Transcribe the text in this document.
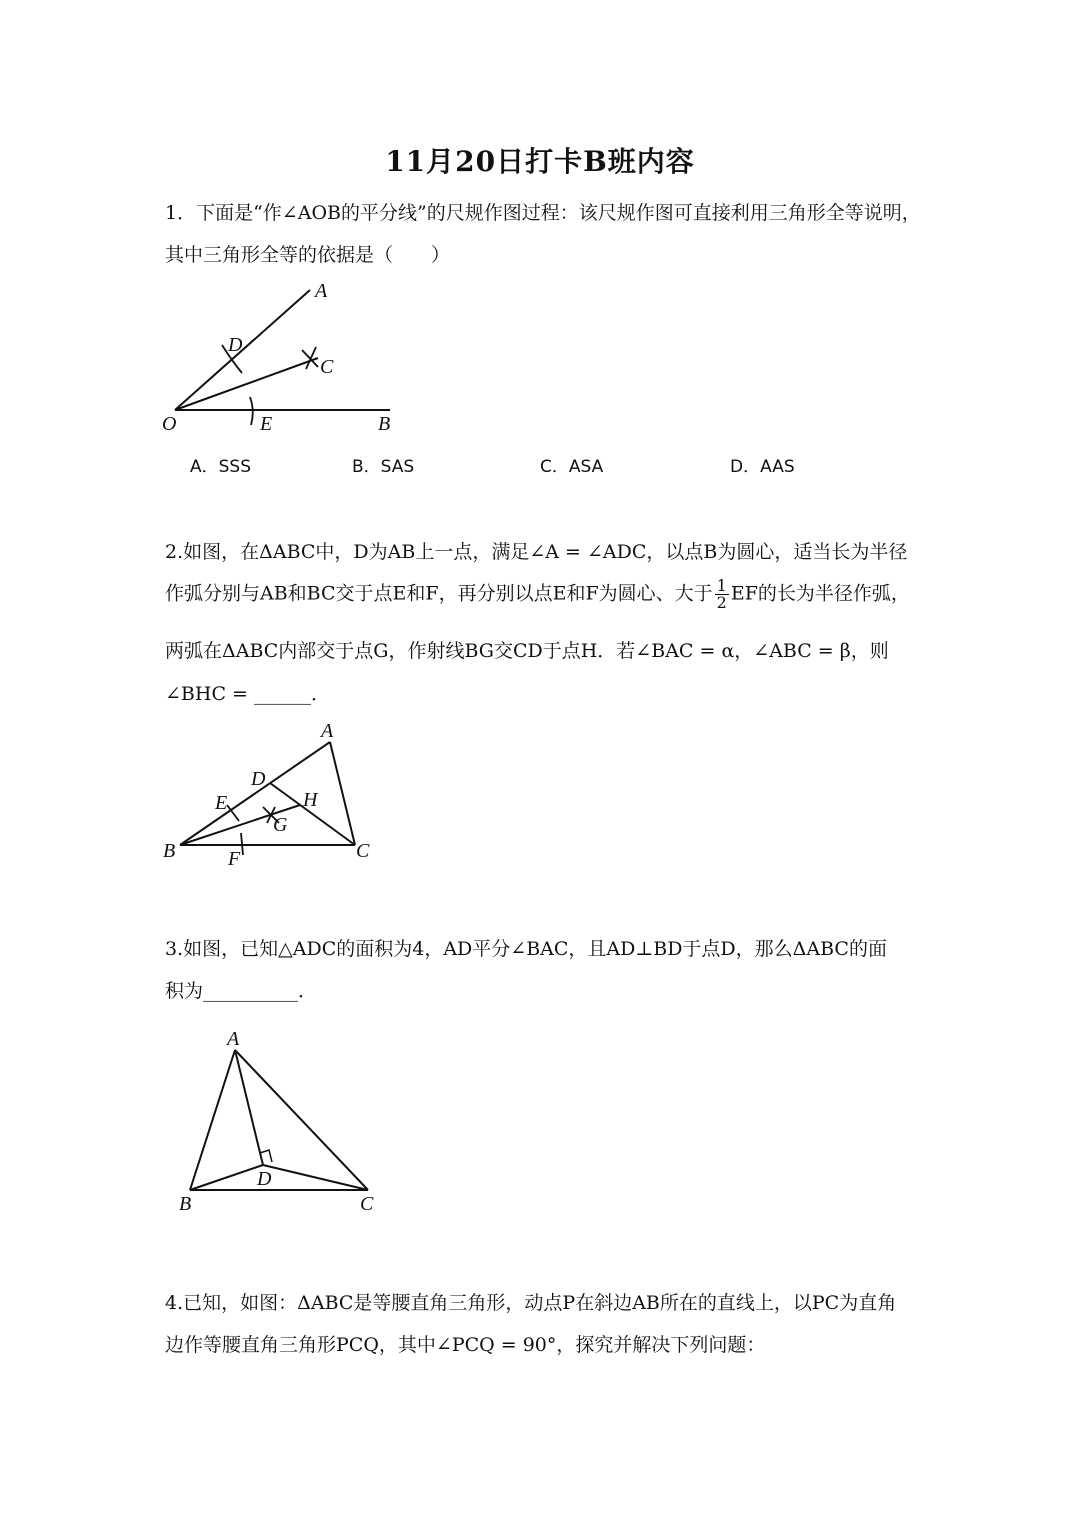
11月20日打卡B班内容
1．下面是“作∠AOB的平分线”的尺规作图过程：该尺规作图可直接利用三角形全等说明，
其中三角形全等的依据是（　　）
A
D
C
O	E	B
A．SSS	B．SAS	C．ASA	D．AAS
2.如图，在ΔABC中，D为AB上一点，满足∠A = ∠ADC，以点B为圆心，适当长为半径
作弧分别与AB和BC交于点E和F，再分别以点E和F为圆心、大于 $\frac{1}{2}$ EF的长为半径作弧，
两弧在ΔABC内部交于点G，作射线BG交CD于点H．若∠BAC = α，∠ABC = β，则
∠BHC = ______．
A
D
E	H
G
B	F	C
3.如图，已知△ADC的面积为4，AD平分∠BAC，且AD⊥BD于点D，那么ΔABC的面
积为__________．
A
B
D
C
4.已知，如图：ΔABC是等腰直角三角形，动点P在斜边AB所在的直线上，以PC为直角
边作等腰直角三角形PCQ，其中∠PCQ = 90°，探究并解决下列问题：
